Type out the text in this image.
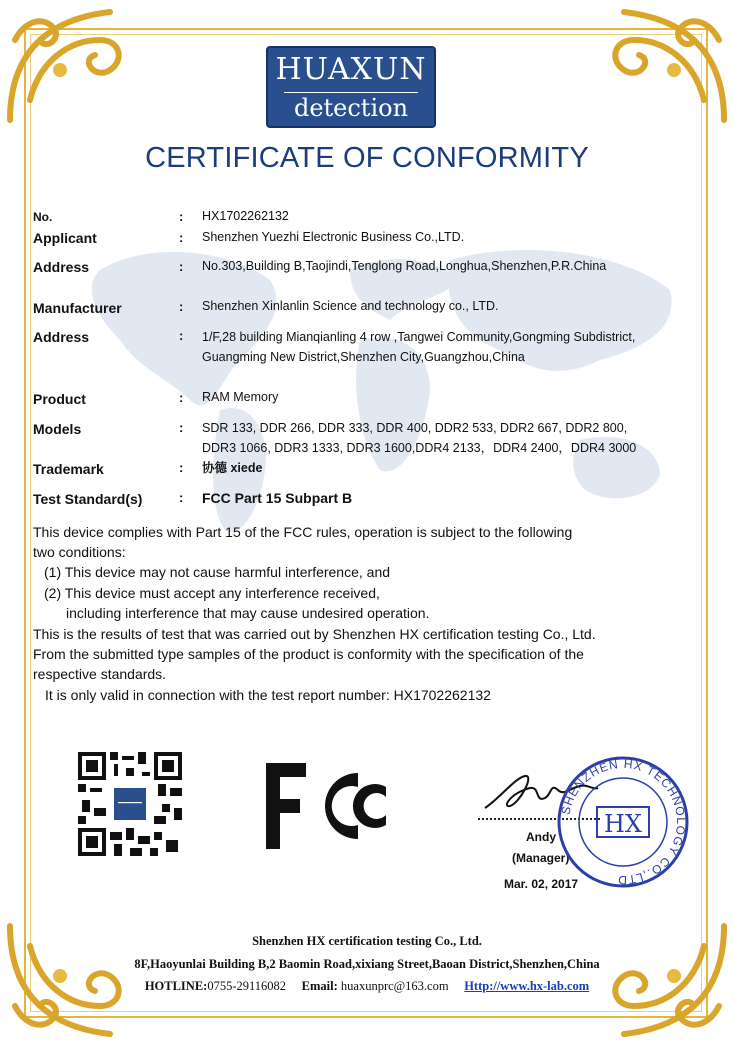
HUAXUN
detection
CERTIFICATE OF CONFORMITY
No.	: HX1702262132
Applicant	: Shenzhen Yuezhi Electronic Business Co.,LTD.
Address	: No.303,Building B,Taojindi,Tenglong Road,Longhua,Shenzhen,P.R.China
Manufacturer	: Shenzhen Xinlanlin Science and technology co., LTD.
Address	: 1/F,28 building Mianqianling 4 row ,Tangwei Community,Gongming Subdistrict,
Guangming New District,Shenzhen City,Guangzhou,China
Product	: RAM Memory
Models	: SDR 133, DDR 266, DDR 333, DDR 400, DDR2 533, DDR2 667, DDR2 800,
DDR3 1066, DDR3 1333, DDR3 1600,DDR4 2133，DDR4 2400，DDR4 3000
Trademark	: 协德 xiede
Test Standard(s)	: FCC Part 15 Subpart B
This device complies with Part 15 of the FCC rules, operation is subject to the following
two conditions:
(1) This device may not cause harmful interference, and
(2) This device must accept any interference received,
including interference that may cause undesired operation.
This is the results of test that was carried out by Shenzhen HX certification testing Co., Ltd.
From the submitted type samples of the product is conformity with the specification of the
respective standards.
It is only valid in connection with the test report number: HX1702262132
Andy
(Manager)
Mar. 02, 2017
SHENZHEN HX TECHNOLOGY CO.,LTD
HX
Shenzhen HX certification testing Co., Ltd.
8F,Haoyunlai Building B,2 Baomin Road,xixiang Street,Baoan District,Shenzhen,China
HOTLINE:0755-29116082 Email: huaxunprc@163.com Http://www.hx-lab.com
